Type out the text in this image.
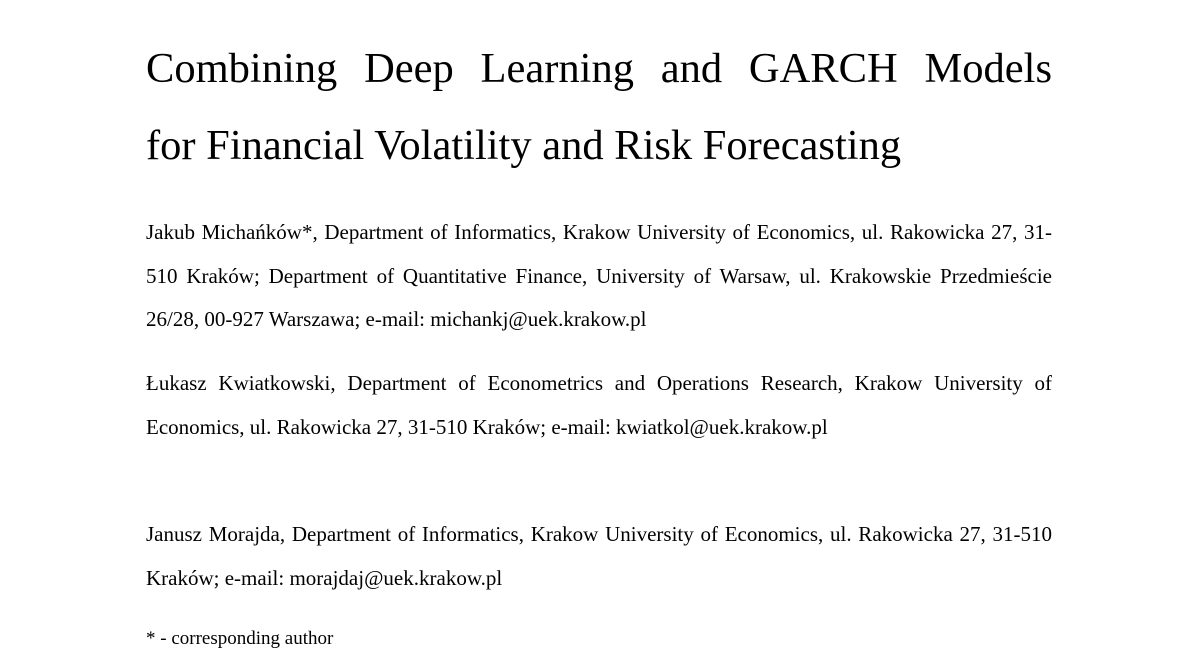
Combining Deep Learning and GARCH Models
for Financial Volatility and Risk Forecasting

Jakub Michańków*, Department of Informatics, Krakow University of Economics, ul. Rakowicka 27, 31-510 Kraków; Department of Quantitative Finance, University of Warsaw, ul. Krakowskie Przedmieście 26/28, 00-927 Warszawa; e-mail: michankj@uek.krakow.pl

Łukasz Kwiatkowski, Department of Econometrics and Operations Research, Krakow University of Economics, ul. Rakowicka 27, 31-510 Kraków; e-mail: kwiatkol@uek.krakow.pl

Janusz Morajda, Department of Informatics, Krakow University of Economics, ul. Rakowicka 27, 31-510 Kraków; e-mail: morajdaj@uek.krakow.pl

* - corresponding author
